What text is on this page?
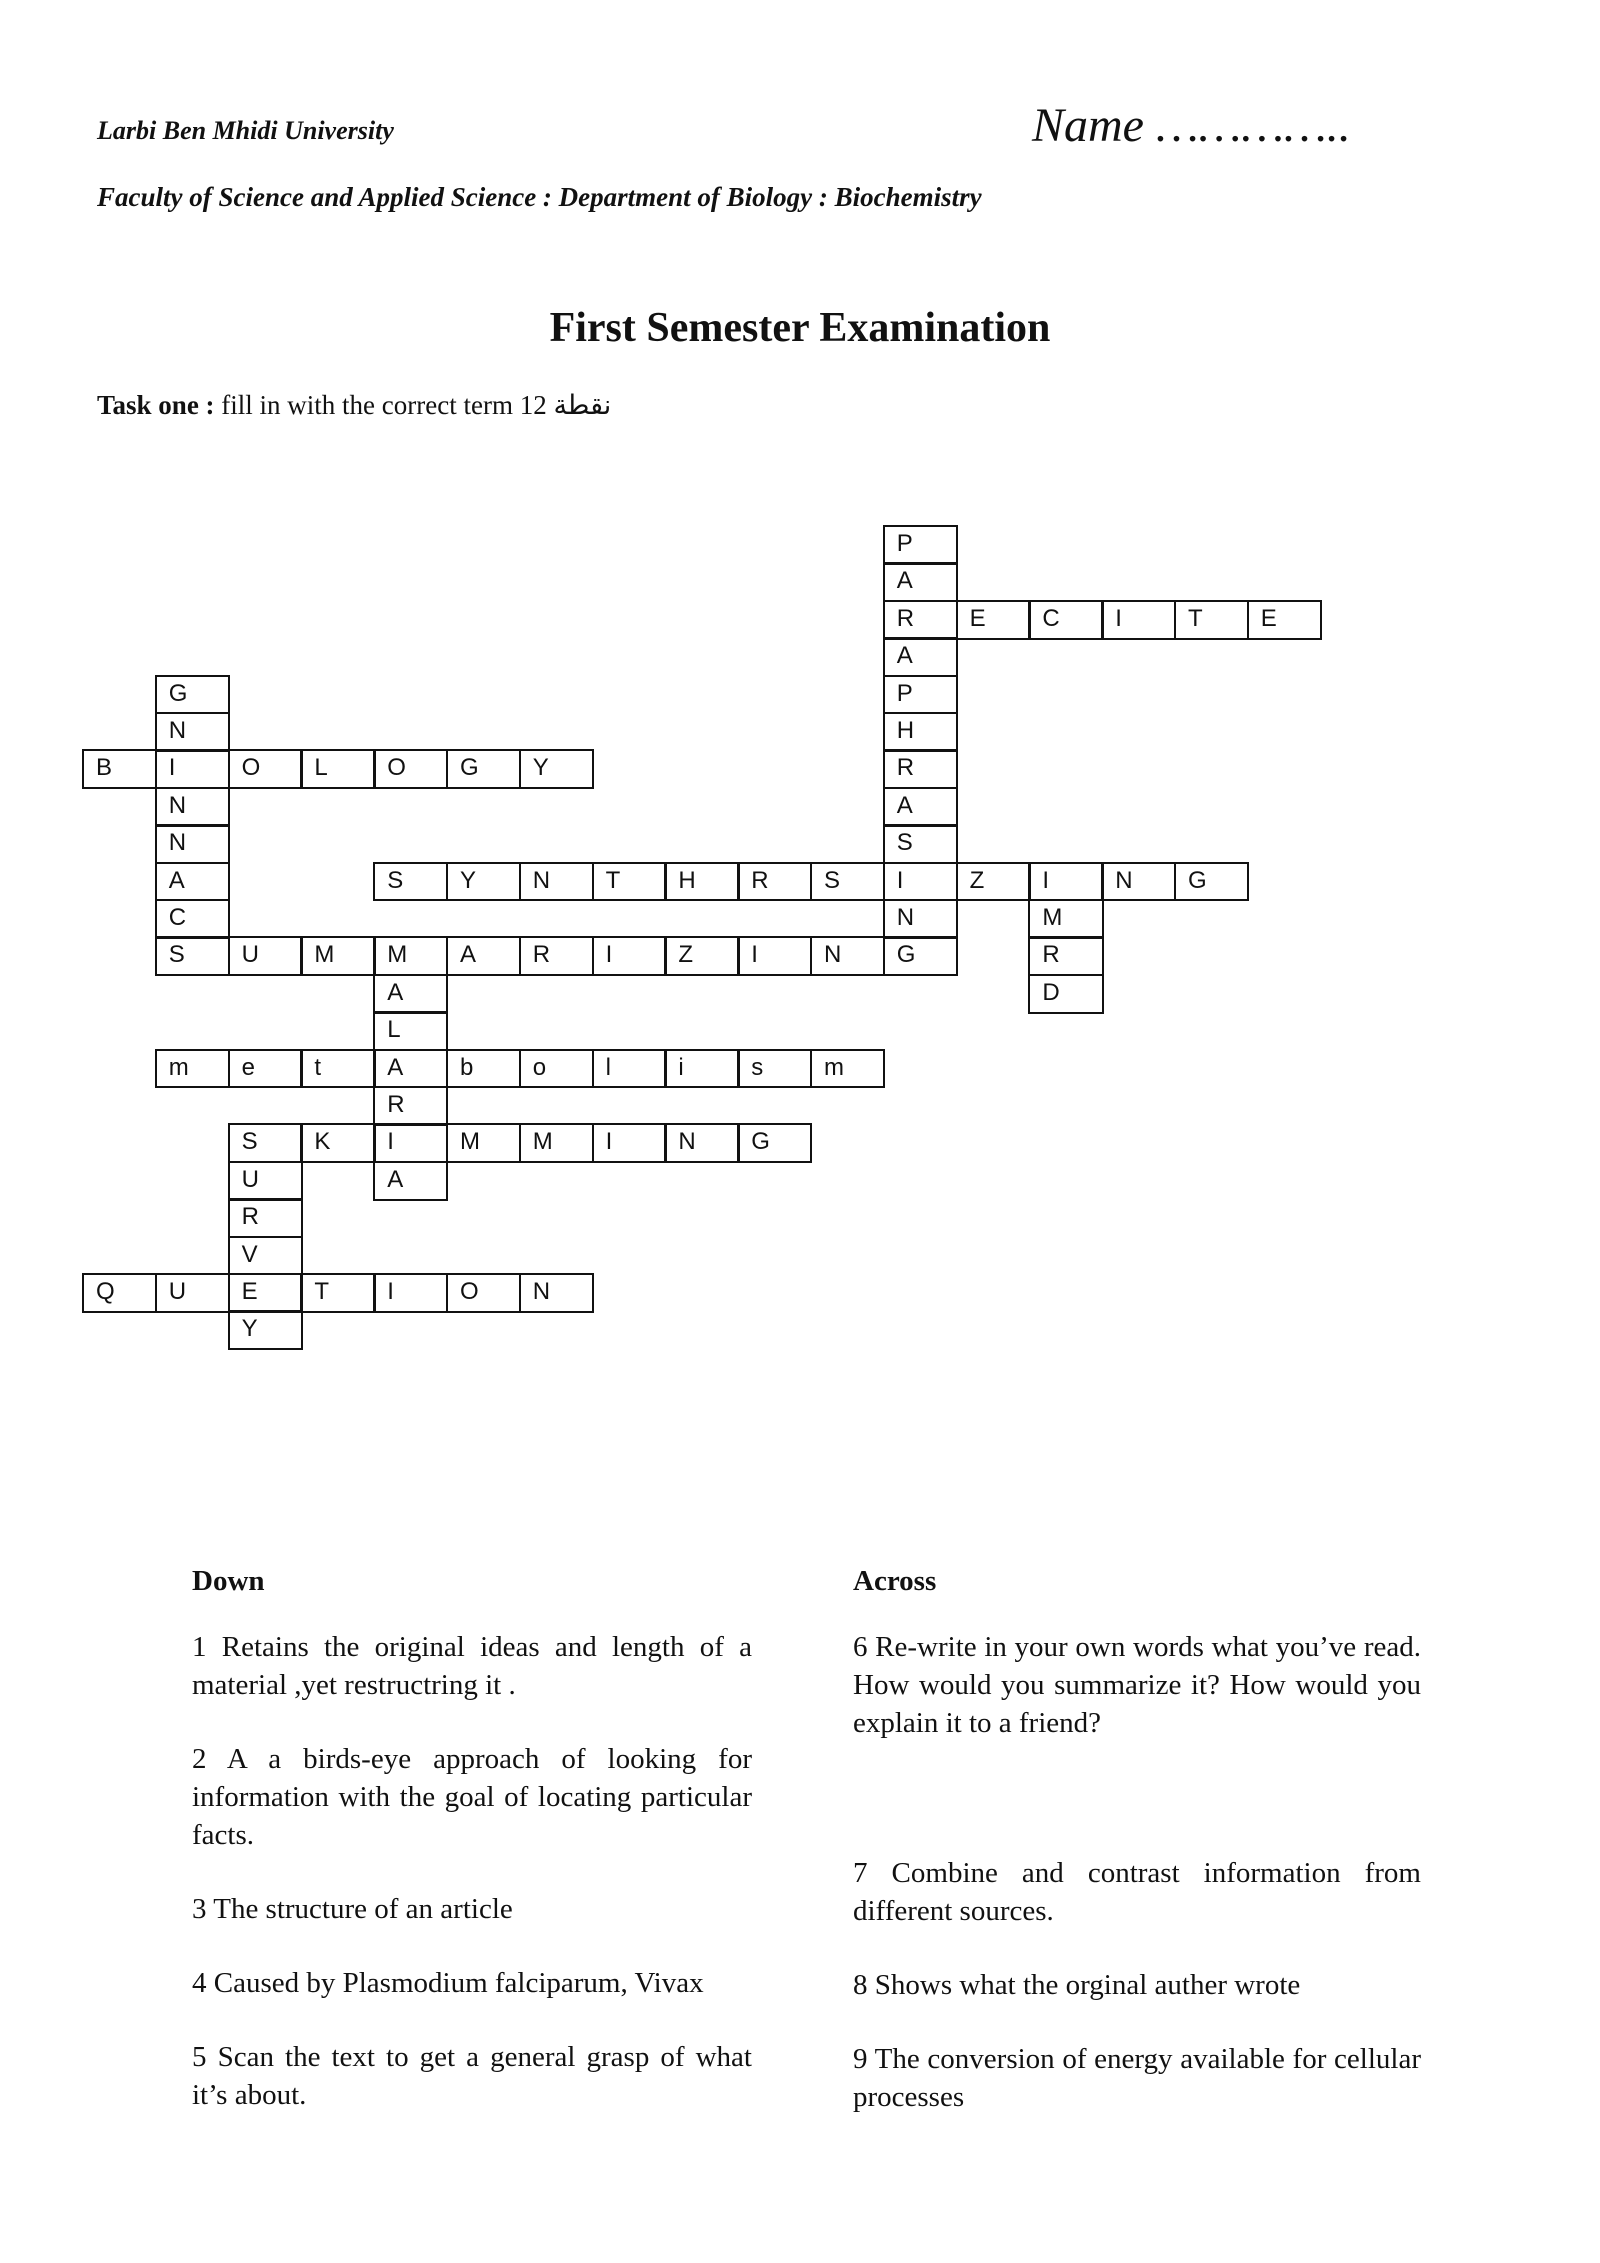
Larbi Ben Mhidi University	Name …………..
Faculty of Science and Applied Science : Department of Biology : Biochemistry
First Semester Examination
Task one : fill in with the correct term 12 نقطة
P
A
R E C I	T E
A
G	P
N	H
B I	O L O G Y	R
N	A
N	S
A	S Y N T H R S I	Z I	N G
C	N	M
S U M M A R I	Z I	N G	R
A	D
L
m e t	A b o l	i	s	m
R
S K I	M M I	N G
U	A
R
V
Q U E T I	O N
Y
Down
1 Retains the original ideas and length of a material ,yet restructring it .
2 A a birds-eye approach of looking for information with the goal of locating particular facts.
3 The structure of an article
4 Caused by Plasmodium falciparum, Vivax
5 Scan the text to get a general grasp of what it’s about.
Across
6 Re-write in your own words what you’ve read. How would you summarize it? How would you explain it to a friend?
7 Combine and contrast information from different sources.
8 Shows what the orginal auther wrote
9 The conversion of energy available for cellular processes
